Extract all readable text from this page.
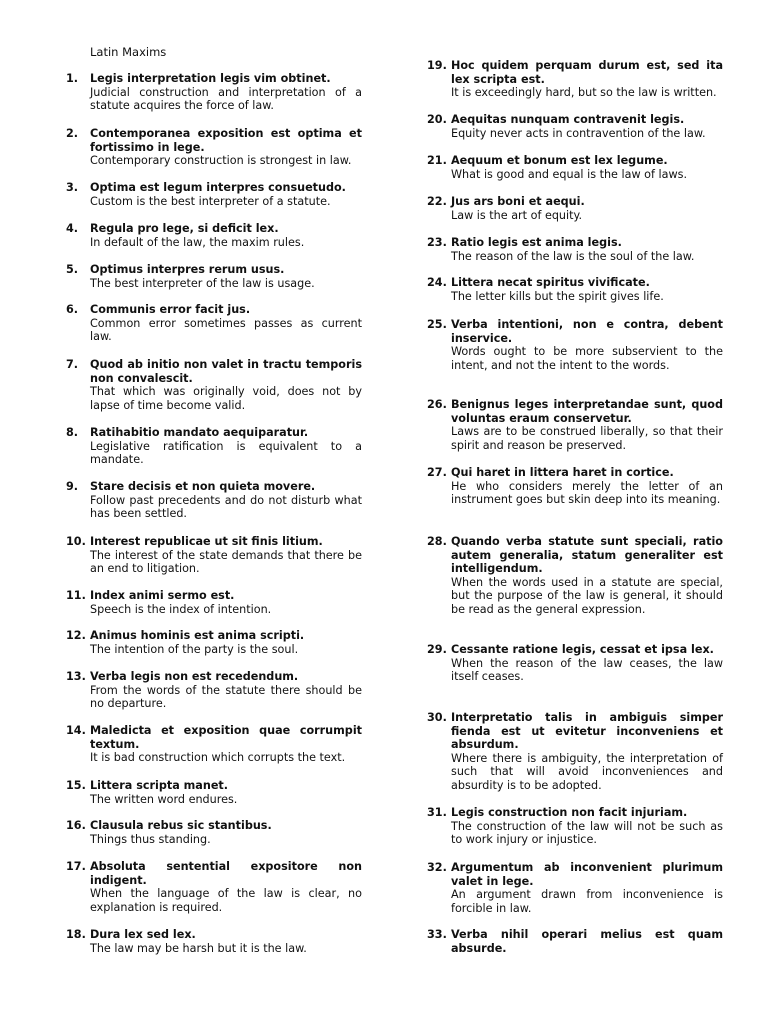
Latin Maxims
1.	Legis interpretation legis vim obtinet.
Judicial construction and interpretation of a statute acquires the force of law.
2.	Contemporanea exposition est optima et fortissimo in lege.
Contemporary construction is strongest in law.
3.	Optima est legum interpres consuetudo.
Custom is the best interpreter of a statute.
4.	Regula pro lege, si deficit lex.
In default of the law, the maxim rules.
5.	Optimus interpres rerum usus.
The best interpreter of the law is usage.
6.	Communis error facit jus.
Common error sometimes passes as current law.
7.	Quod ab initio non valet in tractu temporis non convalescit.
That which was originally void, does not by lapse of time become valid.
8.	Ratihabitio mandato aequiparatur.
Legislative ratification is equivalent to a mandate.
9.	Stare decisis et non quieta movere.
Follow past precedents and do not disturb what has been settled.
10. Interest republicae ut sit finis litium.
The interest of the state demands that there be an end to litigation.
11. Index animi sermo est.
Speech is the index of intention.
12. Animus hominis est anima scripti.
The intention of the party is the soul.
13. Verba legis non est recedendum.
From the words of the statute there should be no departure.
14. Maledicta et exposition quae corrumpit textum.
It is bad construction which corrupts the text.
15. Littera scripta manet.
The written word endures.
16. Clausula rebus sic stantibus.
Things thus standing.
17. Absoluta sentential expositore non indigent.
When the language of the law is clear, no explanation is required.
18. Dura lex sed lex.
The law may be harsh but it is the law.
19. Hoc quidem perquam durum est, sed ita lex scripta est.
It is exceedingly hard, but so the law is written.
20. Aequitas nunquam contravenit legis.
Equity never acts in contravention of the law.
21. Aequum et bonum est lex legume.
What is good and equal is the law of laws.
22. Jus ars boni et aequi.
Law is the art of equity.
23. Ratio legis est anima legis.
The reason of the law is the soul of the law.
24. Littera necat spiritus vivificate.
The letter kills but the spirit gives life.
25. Verba intentioni, non e contra, debent inservice.
Words ought to be more subservient to the intent, and not the intent to the words.
26. Benignus leges interpretandae sunt, quod voluntas eraum conservetur.
Laws are to be construed liberally, so that their spirit and reason be preserved.
27. Qui haret in littera haret in cortice.
He who considers merely the letter of an instrument goes but skin deep into its meaning.
28. Quando verba statute sunt speciali, ratio autem generalia, statum generaliter est intelligendum.
When the words used in a statute are special, but the purpose of the law is general, it should be read as the general expression.
29. Cessante ratione legis, cessat et ipsa lex.
When the reason of the law ceases, the law itself ceases.
30. Interpretatio talis in ambiguis simper fienda est ut evitetur inconveniens et absurdum.
Where there is ambiguity, the interpretation of such that will avoid inconveniences and absurdity is to be adopted.
31. Legis construction non facit injuriam.
The construction of the law will not be such as to work injury or injustice.
32. Argumentum ab inconvenient plurimum valet in lege.
An argument drawn from inconvenience is forcible in law.
33. Verba nihil operari melius est quam absurde.
